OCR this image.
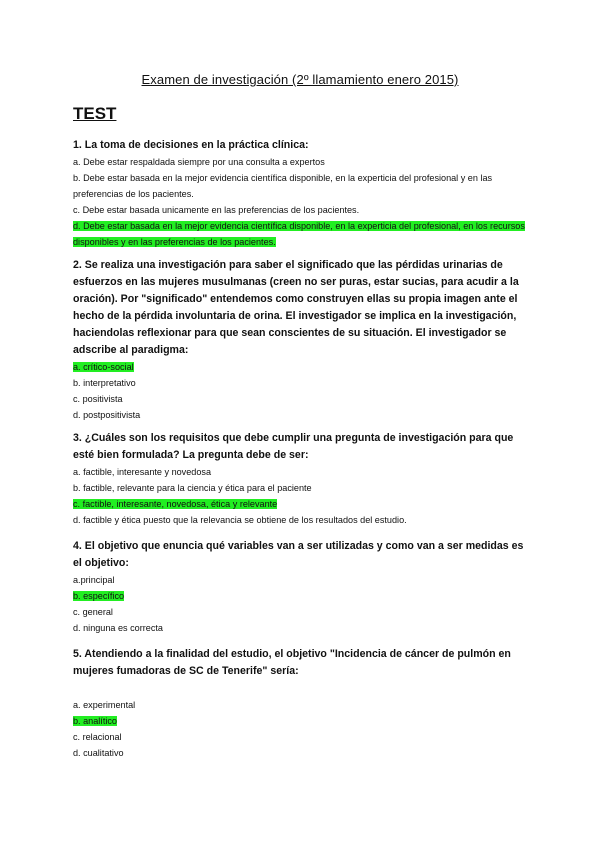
Examen de investigación (2º llamamiento enero 2015)
TEST

1. La toma de decisiones en la práctica clínica:

a. Debe estar respaldada siempre por una consulta a expertos

b. Debe estar basada en la mejor evidencia científica disponible, en la experticia del profesional y en las preferencias de los pacientes.

c. Debe estar basada unicamente en las preferencias de los pacientes.

d. Debe estar basada en la mejor evidencia científica disponible, en la experticia del profesional, en los recursos disponibles y en las preferencias de los pacientes.

2. Se realiza una investigación para saber el significado que las pérdidas urinarias de esfuerzos en las mujeres musulmanas (creen no ser puras, estar sucias, para acudir a la oración). Por "significado" entendemos como construyen ellas su propia imagen ante el hecho de la pérdida involuntaria de orina. El investigador se implica en la investigación, haciendolas reflexionar para que sean conscientes de su situación. El investigador se adscribe al paradigma:

a. crítico-social

b. interpretativo

c. positivista

d. postpositivista

3. ¿Cuáles son los requisitos que debe cumplir una pregunta de investigación para que esté bien formulada? La pregunta debe de ser:

a. factible, interesante y novedosa

b. factible, relevante para la ciencia y ética para el paciente

c. factible, interesante, novedosa, ética y relevante

d. factible y ética puesto que la relevancia se obtiene de los resultados del estudio.

4. El objetivo que enuncia qué variables van a ser utilizadas y como van a ser medidas es el objetivo:

a.principal

b. específico

c. general

d. ninguna es correcta

5. Atendiendo a la finalidad del estudio, el objetivo "Incidencia de cáncer de pulmón en mujeres fumadoras de SC de Tenerife" sería:

a. experimental

b. analítico

c. relacional

d. cualitativo
